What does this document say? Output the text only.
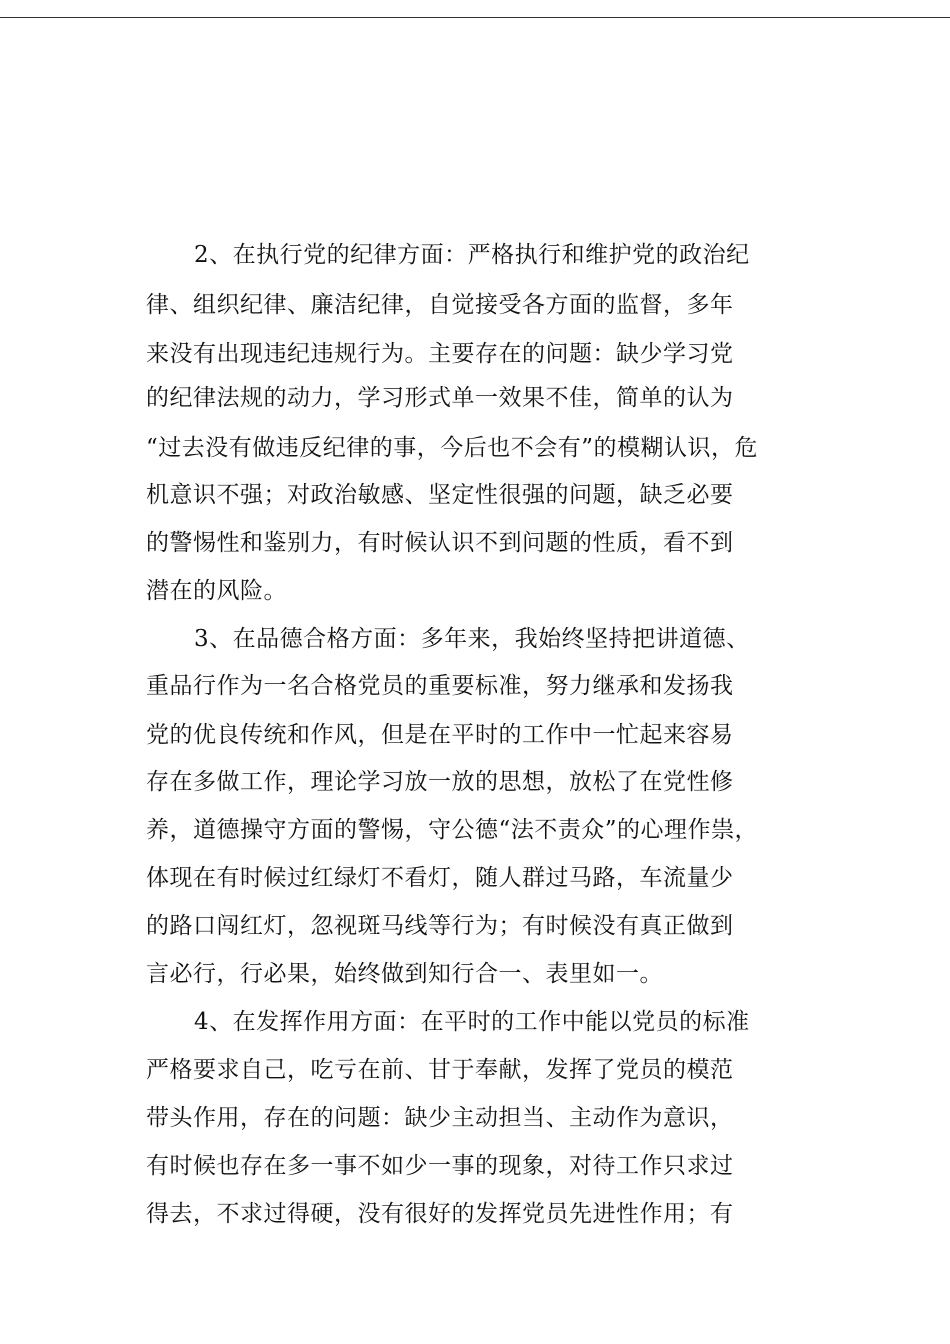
2、在执行党的纪律方面：严格执行和维护党的政治纪
律、组织纪律、廉洁纪律，自觉接受各方面的监督，多年
来没有出现违纪违规行为。主要存在的问题：缺少学习党
的纪律法规的动力，学习形式单一效果不佳，简单的认为
“过去没有做违反纪律的事，今后也不会有”的模糊认识，危
机意识不强；对政治敏感、坚定性很强的问题，缺乏必要
的警惕性和鉴别力，有时候认识不到问题的性质，看不到
潜在的风险。
3、在品德合格方面：多年来，我始终坚持把讲道德、
重品行作为一名合格党员的重要标准，努力继承和发扬我
党的优良传统和作风，但是在平时的工作中一忙起来容易
存在多做工作，理论学习放一放的思想，放松了在党性修
养，道德操守方面的警惕，守公德“法不责众”的心理作祟，
体现在有时候过红绿灯不看灯，随人群过马路，车流量少
的路口闯红灯，忽视斑马线等行为；有时候没有真正做到
言必行，行必果，始终做到知行合一、表里如一。
4、在发挥作用方面：在平时的工作中能以党员的标准
严格要求自己，吃亏在前、甘于奉献，发挥了党员的模范
带头作用，存在的问题：缺少主动担当、主动作为意识，
有时候也存在多一事不如少一事的现象，对待工作只求过
得去，不求过得硬，没有很好的发挥党员先进性作用；有
